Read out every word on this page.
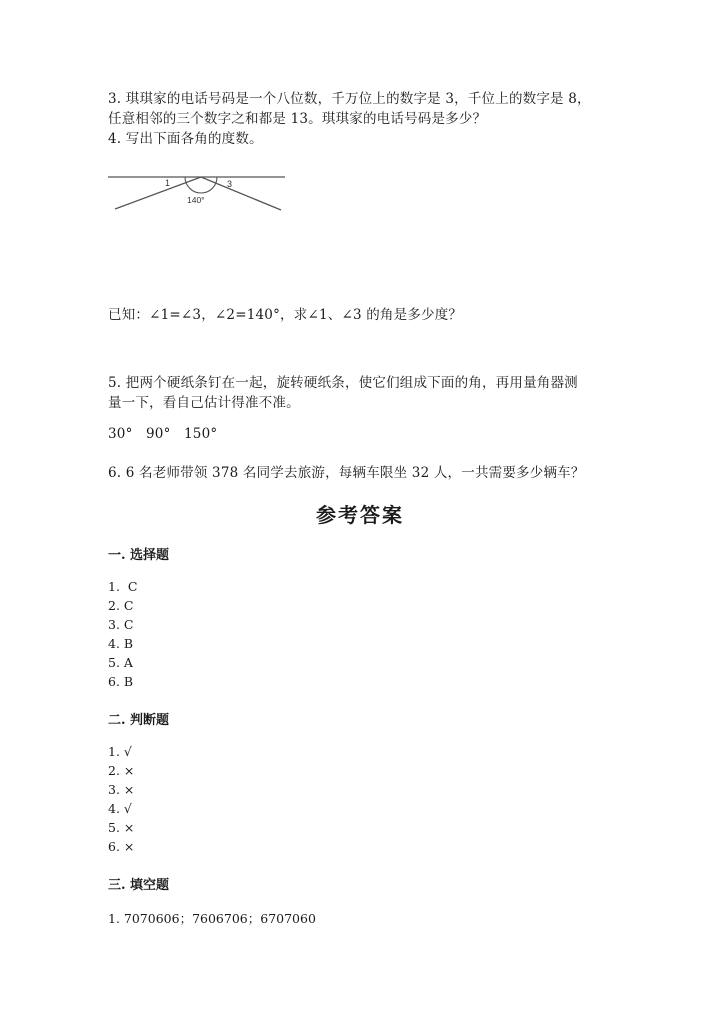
3. 琪琪家的电话号码是一个八位数，千万位上的数字是 3，千位上的数字是 8，
任意相邻的三个数字之和都是 13。琪琪家的电话号码是多少？
4. 写出下面各角的度数。
1	3
140°
已知：∠1=∠3，∠2=140°，求∠1、∠3 的角是多少度？
5. 把两个硬纸条钉在一起，旋转硬纸条，使它们组成下面的角，再用量角器测
量一下，看自己估计得准不准。
30°   90°   150°
6. 6 名老师带领 378 名同学去旅游，每辆车限坐 32 人，一共需要多少辆车？
参考答案
一. 选择题
1.  C
2. C
3. C
4. B
5. A
6. B
二. 判断题
1. √
2. ×
3. ×
4. √
5. ×
6. ×
三. 填空题
1. 7070606；7606706；6707060
